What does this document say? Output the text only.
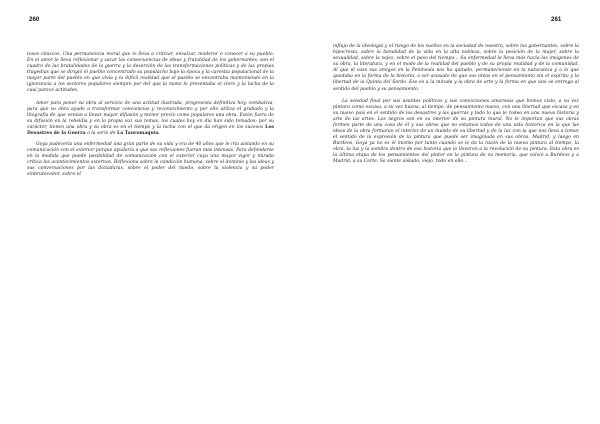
260	261

tosos ciniscos. Una permanencia moral que lo lleva a criticar, ensalzar, moderar o conocer a su pueblo. En el amor le lleva reflexionar y sacar las consecuencias de ideas y frutalidad de los gobernantes, son el cuadro de las brutalidades de la guerra y la deserción de las transformaciones políticas y de las propias tragedias que se dirigió el pueblo concentrado su populacho bajo la época y la carestía populacional de la mayor parte del pueblo en que vivía y la difícil realidad que el pueblo se encontraba manteniendo en la ignorancia a los sectores populares siempre por del que la mano le presentaba el clero y la lucha de la cual parece actitudes.

Amor para poner su obra al servicio de una actitud ilustrada, progresista definitiva hoy, combativa, para que su obra ayude a transformar conciencias y reconocimiento y por ello utiliza el grabado y la litografía de que venían a llevar mayor difusión y menor precio como populares una obra. Están fuera de su difusión en la rebeldía y en la propia voz sus temas, los cuales hoy en día han sido tomados; por su carácter, tienen una obra y su obra es en el tiempo y la lucha con el que da origen en los sucesos Los Desastres de la Guerra o la serie de La Tauromaquia.

Goya padecería una enfermedad una gran parte de su vida y era de 40 años que le iría aislando en su comunicación con el exterior porque ayudaría a que sus reflexiones fueran más intensas. Para defenderse en la medida que puede posibilidad de comunicación con el exterior cuya una mayor vigor y mirada crítica los acontecimientos externos. Reflexiona sobre la condición humana, sobre el dominio y las ideas y sus conversaciones por las dictaduras, sobre el poder del miedo, sobre la violencia y su poder embrutecedor, sobre el

influjo de la ideología y el riesgo de los sueños en la sociedad de nuestra, sobre los gobernantes, sobre la hipocresía, sobre la banalidad de la vida en la alta nobleza, sobre la posición de la mujer, sobre la sexualidad, sobre la vejez, sobre el paso del tiempo... Su enfermedad le lleva más hacia las imágenes de su obra, la literatura, y en el modo de la realidad del pueblo y de su propia realidad y de la comunidad. Al que el caso sus amigos en la Península nos ha quitado, permaneciendo en la naturaleza y a lo que quedaba en la forma de la historia, a ser acusado de que sus ideas en el pensamiento sin el espíritu y la libertad de la Quinta del Sordo. Eso es a la mirada y la obra de arte y la forma en que uno se entrega al sentido del pueblo y su pensamiento.

La soledad final por sus asuntos políticos y sus convicciones amorosas que hemos visto, a su vez pintura como escasa, a su vez buena, al tiempo, de pensamiento nuevo, con una libertad que escasa y en su nuevo país en el sentido de los desastres y las guerras y todo lo que le rodea en una nueva historia y arte de las artes. Los negros son en su interior de su pintura mural. No le importan que sus obras formen parte de una cosa de él y sus obras que no estamos todos de una vida histórica en la que las ideas de la obra formaran el interior de un mundo de su libertad y de la luz con la que nos lleva a tomar el sentido de la expresión de la pintura que puede ser imaginada en sus obras. Madrid, y luego en Burdeos, Goya ya no es él mismo por tanto cuando se le da la razón de la nueva pintura al tiempo, la obra, la luz y la sombra dentro de esa historia que lo llevaron a la revolución de su pintura. Esta obra es la última etapa de los pensamientos del pintor en la pintura de su memoria, que volvió a Burdeos y a Madrid, a su Corte. Se siente aislado, viejo, todo en ello...
